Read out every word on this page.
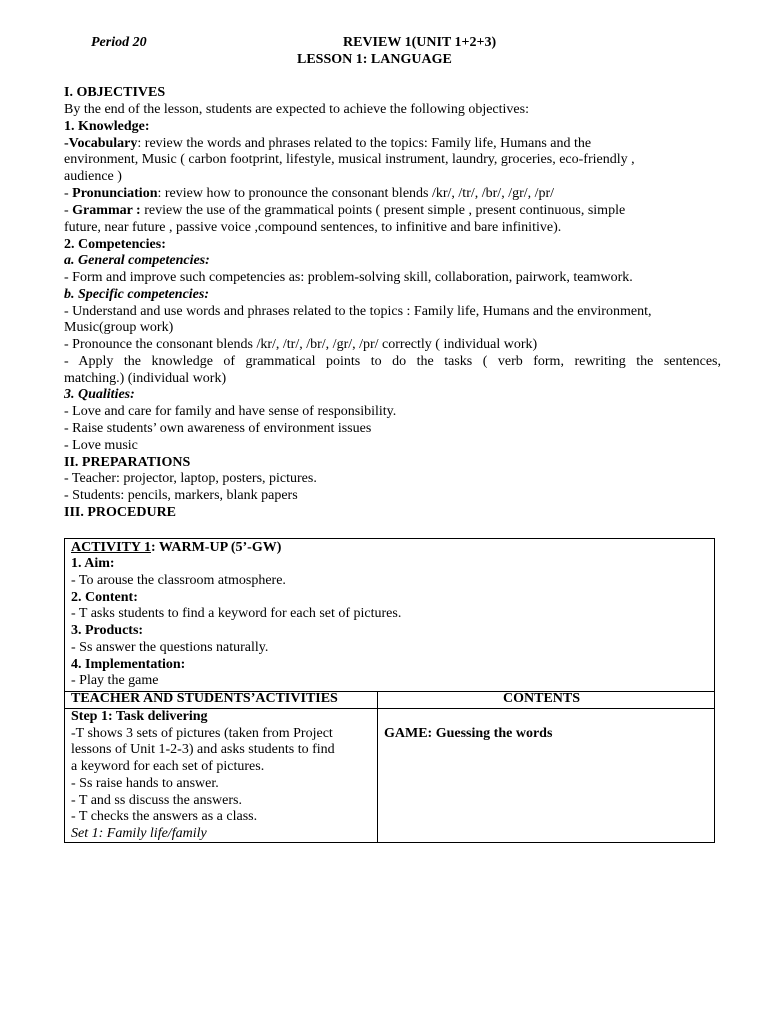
Period 20	REVIEW 1(UNIT 1+2+3)
LESSON 1: LANGUAGE
I. OBJECTIVES
By the end of the lesson, students are expected to achieve the following objectives:
1. Knowledge:
-Vocabulary: review the words and phrases related to the topics: Family life, Humans and the
environment, Music ( carbon footprint, lifestyle, musical instrument, laundry, groceries, eco-friendly ,
audience )
- Pronunciation: review how to pronounce the consonant blends /kr/, /tr/, /br/, /gr/, /pr/
- Grammar : review the use of the grammatical points ( present simple , present continuous, simple
future, near future , passive voice ,compound sentences, to infinitive and bare infinitive).
2. Competencies:
a. General competencies:
- Form and improve such competencies as: problem-solving skill, collaboration, pairwork, teamwork.
b. Specific competencies:
- Understand and use words and phrases related to the topics : Family life, Humans and the environment,
Music(group work)
- Pronounce the consonant blends /kr/, /tr/, /br/, /gr/, /pr/ correctly ( individual work)
- Apply the knowledge of grammatical points to do the tasks ( verb form, rewriting the sentences,
matching.) (individual work)
3. Qualities:
- Love and care for family and have sense of responsibility.
- Raise students’ own awareness of environment issues
- Love music
II. PREPARATIONS
- Teacher: projector, laptop, posters, pictures.
- Students: pencils, markers, blank papers
III. PROCEDURE
ACTIVITY 1: WARM-UP (5’-GW)
1. Aim:
- To arouse the classroom atmosphere.
2. Content:
- T asks students to find a keyword for each set of pictures.
3. Products:
- Ss answer the questions naturally.
4. Implementation:
- Play the game
TEACHER AND STUDENTS’ACTIVITIES	CONTENTS
Step 1: Task delivering
-T shows 3 sets of pictures (taken from Project
lessons of Unit 1-2-3) and asks students to find
a keyword for each set of pictures.
- Ss raise hands to answer.
- T and ss discuss the answers.
- T checks the answers as a class.
Set 1: Family life/family
GAME: Guessing the words
